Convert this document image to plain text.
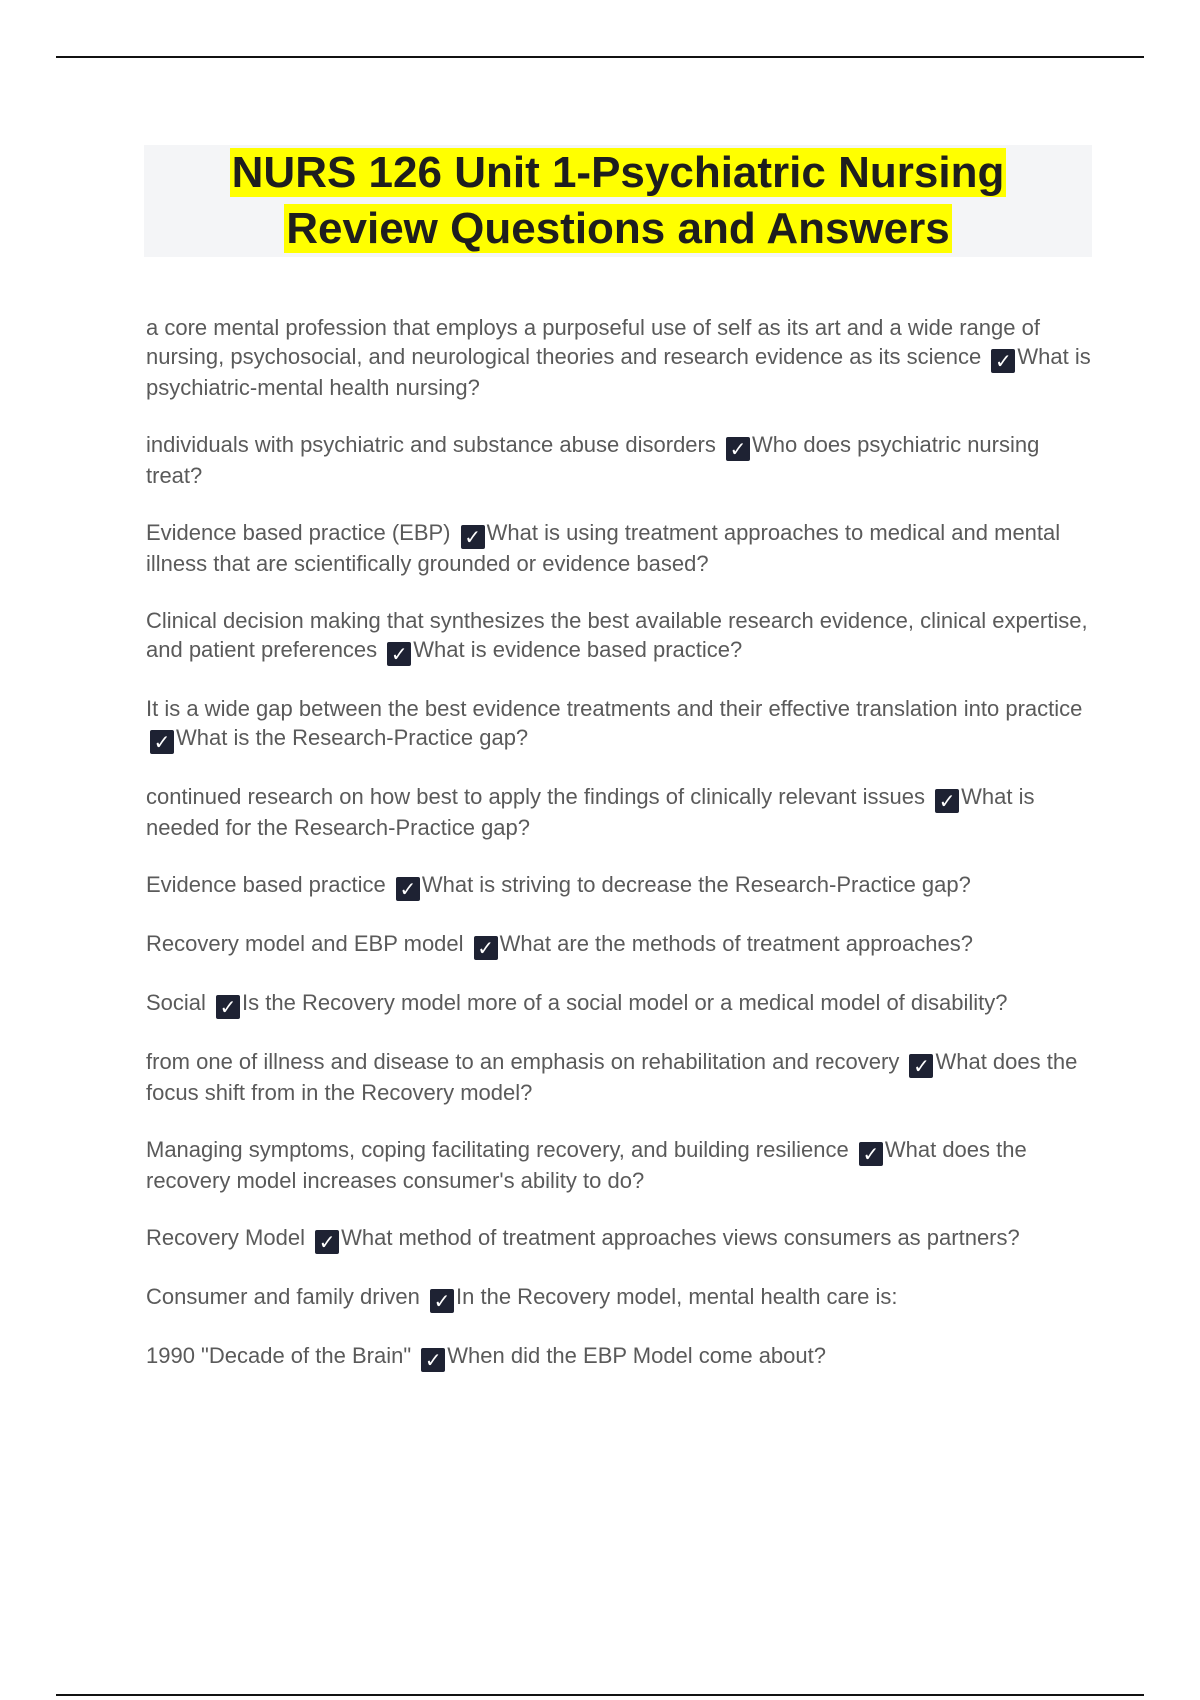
NURS 126 Unit 1-Psychiatric Nursing
Review Questions and Answers

a core mental profession that employs a purposeful use of self as its art and a wide range of nursing, psychosocial, and neurological theories and research evidence as its science ✓ What is psychiatric-mental health nursing?

individuals with psychiatric and substance abuse disorders ✓ Who does psychiatric nursing treat?

Evidence based practice (EBP) ✓ What is using treatment approaches to medical and mental illness that are scientifically grounded or evidence based?

Clinical decision making that synthesizes the best available research evidence, clinical expertise, and patient preferences ✓ What is evidence based practice?

It is a wide gap between the best evidence treatments and their effective translation into practice ✓ What is the Research-Practice gap?

continued research on how best to apply the findings of clinically relevant issues ✓ What is needed for the Research-Practice gap?

Evidence based practice ✓ What is striving to decrease the Research-Practice gap?

Recovery model and EBP model ✓ What are the methods of treatment approaches?

Social ✓ Is the Recovery model more of a social model or a medical model of disability?

from one of illness and disease to an emphasis on rehabilitation and recovery ✓ What does the focus shift from in the Recovery model?

Managing symptoms, coping facilitating recovery, and building resilience ✓ What does the recovery model increases consumer's ability to do?

Recovery Model ✓ What method of treatment approaches views consumers as partners?

Consumer and family driven ✓ In the Recovery model, mental health care is:

1990 "Decade of the Brain" ✓ When did the EBP Model come about?
